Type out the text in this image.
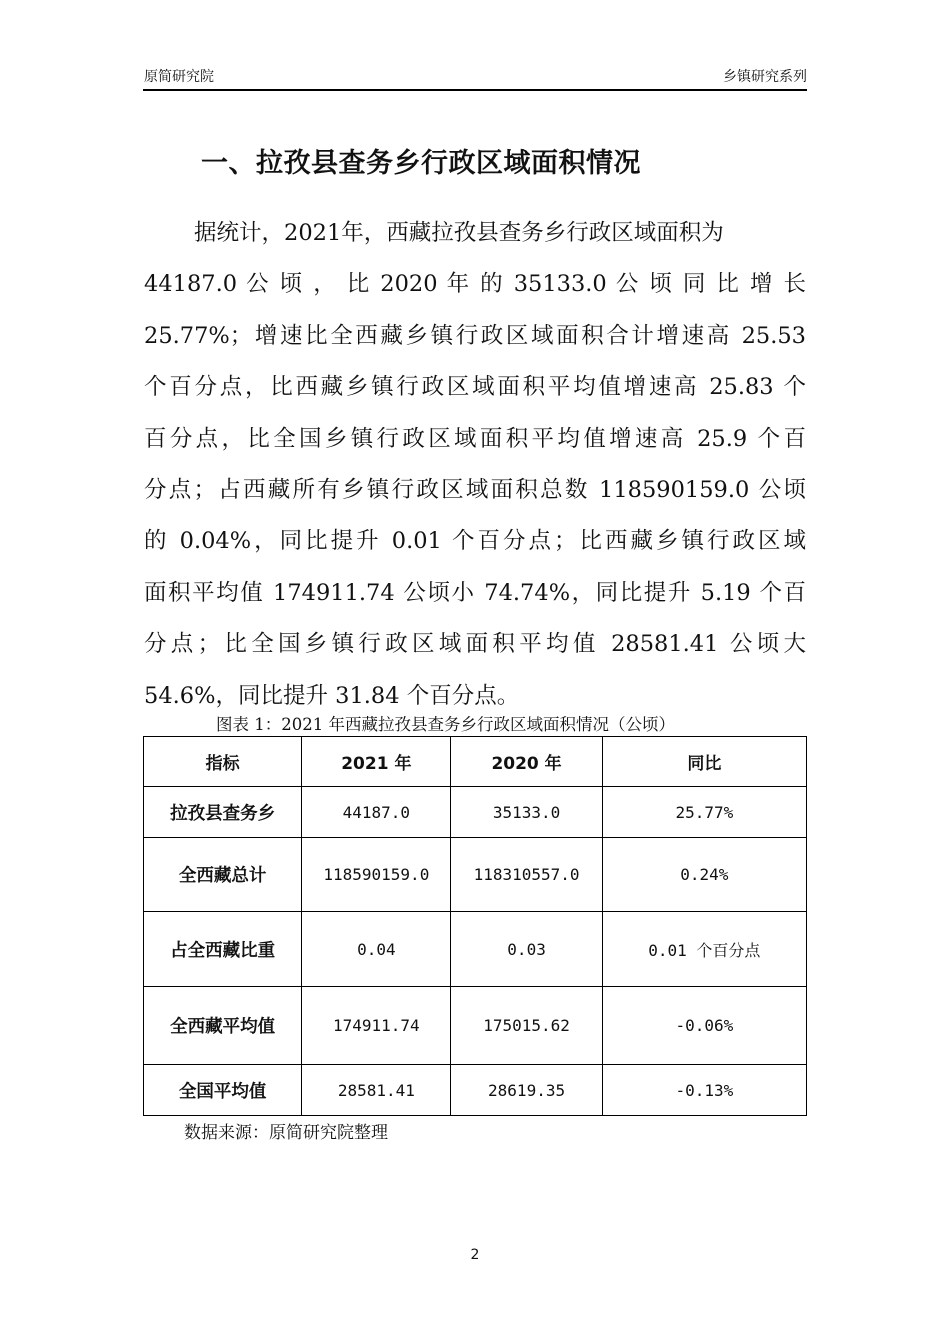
原简研究院	乡镇研究系列
一、拉孜县查务乡行政区域面积情况
据统计，2021年，西藏拉孜县查务乡行政区域面积为
44187.0 公 顷 ， 比 2020 年 的 35133.0 公 顷 同 比 增 长
25.77%；增速比全西藏乡镇行政区域面积合计增速高 25.53
个百分点，比西藏乡镇行政区域面积平均值增速高 25.83 个
百分点，比全国乡镇行政区域面积平均值增速高 25.9 个百
分点；占西藏所有乡镇行政区域面积总数 118590159.0 公顷
的 0.04%，同比提升 0.01 个百分点；比西藏乡镇行政区域
面积平均值 174911.74 公顷小 74.74%，同比提升 5.19 个百
分点；比全国乡镇行政区域面积平均值 28581.41 公顷大
54.6%，同比提升 31.84 个百分点。
图表 1：2021 年西藏拉孜县查务乡行政区域面积情况（公顷）
指标	2021 年	2020 年	同比
拉孜县查务乡	44187.0	35133.0	25.77%
全西藏总计	118590159.0	118310557.0	0.24%
占全西藏比重	0.04	0.03	0.01 个百分点
全西藏平均值	174911.74	175015.62	-0.06%
全国平均值	28581.41	28619.35	-0.13%
数据来源：原简研究院整理
2
